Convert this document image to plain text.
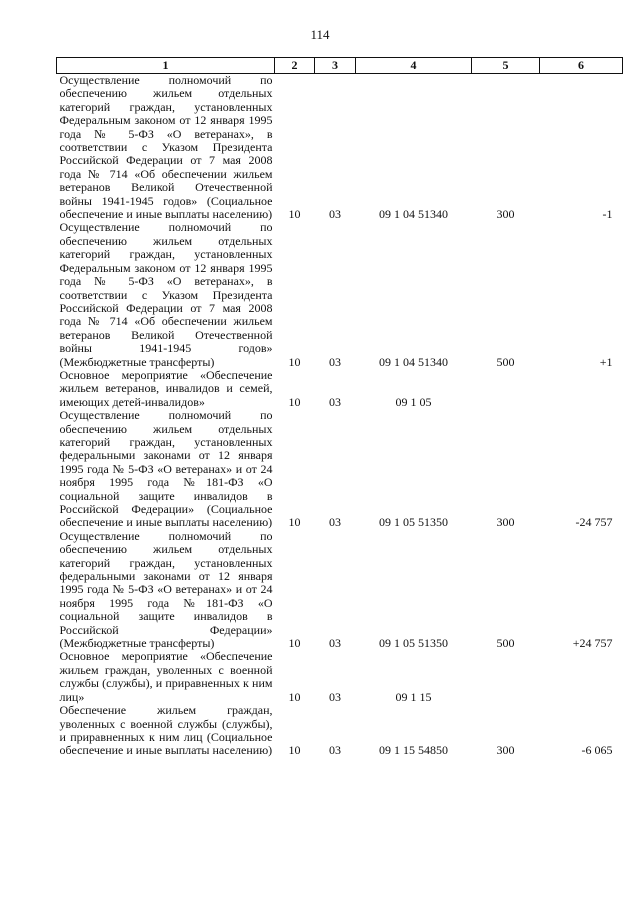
114
1	2	3	4	5	6
Осуществление полномочий по обеспечению жильем отдельных категорий граждан, установленных Федеральным законом от 12 января 1995 года № 5-ФЗ «О ветеранах», в соответствии с Указом Президента Российской Федерации от 7 мая 2008 года № 714 «Об обеспечении жильем ветеранов Великой Отечественной войны 1941-1945 годов» (Социальное обеспечение и иные выплаты населению)	10	03	09 1 04 51340	300	-1
Осуществление полномочий по обеспечению жильем отдельных категорий граждан, установленных Федеральным законом от 12 января 1995 года № 5-ФЗ «О ветеранах», в соответствии с Указом Президента Российской Федерации от 7 мая 2008 года № 714 «Об обеспечении жильем ветеранов Великой Отечественной войны 1941-1945 годов» (Межбюджетные трансферты)	10	03	09 1 04 51340	500	+1
Основное мероприятие «Обеспечение жильем ветеранов, инвалидов и семей, имеющих детей-инвалидов»	10	03	09 1 05		
Осуществление полномочий по обеспечению жильем отдельных категорий граждан, установленных федеральными законами от 12 января 1995 года № 5-ФЗ «О ветеранах» и от 24 ноября 1995 года №181-ФЗ «О социальной защите инвалидов в Российской Федерации» (Социальное обеспечение и иные выплаты населению)	10	03	09 1 05 51350	300	-24 757
Осуществление полномочий по обеспечению жильем отдельных категорий граждан, установленных федеральными законами от 12 января 1995 года № 5-ФЗ «О ветеранах» и от 24 ноября 1995 года №181-ФЗ «О социальной защите инвалидов в Российской Федерации» (Межбюджетные трансферты)	10	03	09 1 05 51350	500	+24 757
Основное мероприятие «Обеспечение жильем граждан, уволенных с военной службы (службы), и приравненных к ним лиц»	10	03	09 1 15		
Обеспечение жильем граждан, уволенных с военной службы (службы), и приравненных к ним лиц (Социальное обеспечение и иные выплаты населению)	10	03	09 1 15 54850	300	-6 065
